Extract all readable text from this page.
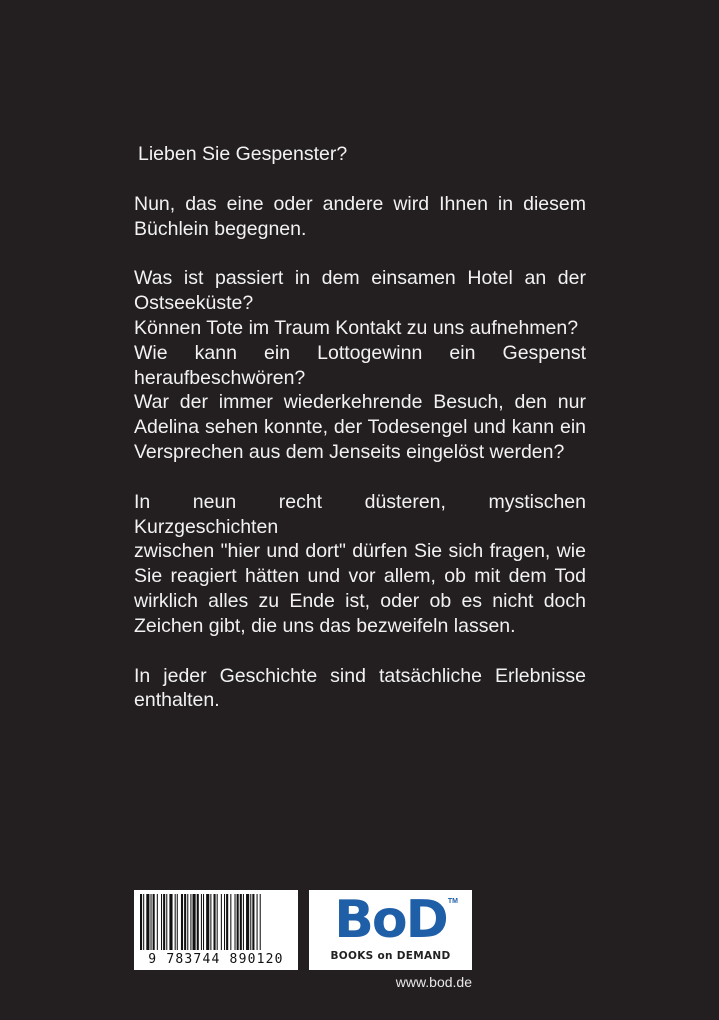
Lieben Sie Gespenster?

Nun, das eine oder andere wird Ihnen in diesem
Büchlein begegnen.

Was ist passiert in dem einsamen Hotel an der
Ostseeküste?
Können Tote im Traum Kontakt zu uns aufnehmen?
Wie kann ein Lottogewinn ein Gespenst
heraufbeschwören?
War der immer wiederkehrende Besuch, den nur
Adelina sehen konnte, der Todesengel und kann ein
Versprechen aus dem Jenseits eingelöst werden?

In neun recht düsteren, mystischen Kurzgeschichten
zwischen "hier und dort" dürfen Sie sich fragen, wie
Sie reagiert hätten und vor allem, ob mit dem Tod
wirklich alles zu Ende ist, oder ob es nicht doch
Zeichen gibt, die uns das bezweifeln lassen.

In jeder Geschichte sind tatsächliche Erlebnisse
enthalten.

9 783744 890120
BoD TM
BOOKS on DEMAND
www.bod.de
